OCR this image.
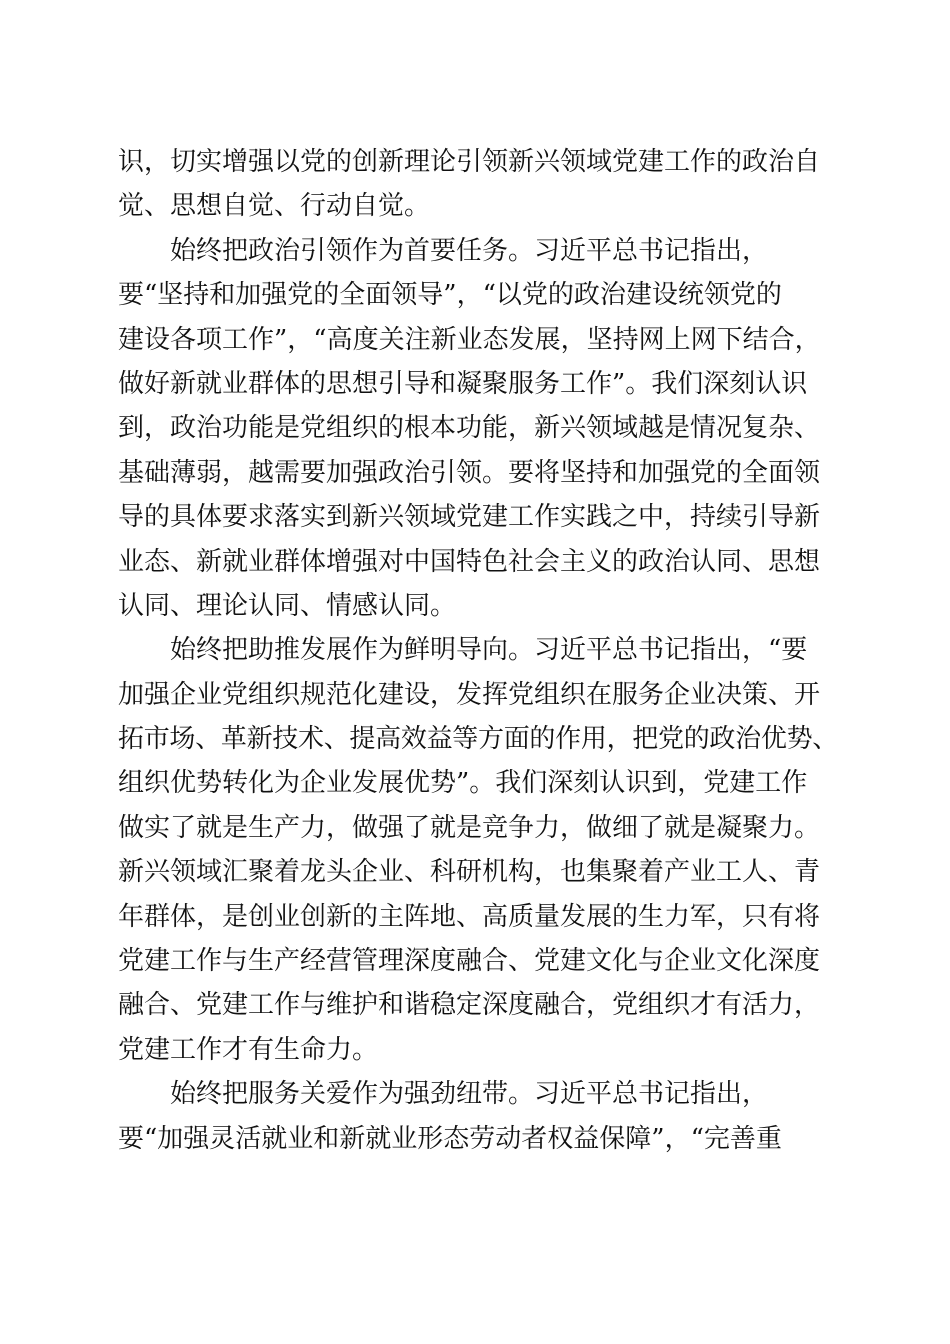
识，切实增强以党的创新理论引领新兴领域党建工作的政治自
觉、思想自觉、行动自觉。
始终把政治引领作为首要任务。习近平总书记指出，
要“坚持和加强党的全面领导”，“以党的政治建设统领党的
建设各项工作”，“高度关注新业态发展，坚持网上网下结合，
做好新就业群体的思想引导和凝聚服务工作”。我们深刻认识
到，政治功能是党组织的根本功能，新兴领域越是情况复杂、
基础薄弱，越需要加强政治引领。要将坚持和加强党的全面领
导的具体要求落实到新兴领域党建工作实践之中，持续引导新
业态、新就业群体增强对中国特色社会主义的政治认同、思想
认同、理论认同、情感认同。
始终把助推发展作为鲜明导向。习近平总书记指出，“要
加强企业党组织规范化建设，发挥党组织在服务企业决策、开
拓市场、革新技术、提高效益等方面的作用，把党的政治优势、
组织优势转化为企业发展优势”。我们深刻认识到，党建工作
做实了就是生产力，做强了就是竞争力，做细了就是凝聚力。
新兴领域汇聚着龙头企业、科研机构，也集聚着产业工人、青
年群体，是创业创新的主阵地、高质量发展的生力军，只有将
党建工作与生产经营管理深度融合、党建文化与企业文化深度
融合、党建工作与维护和谐稳定深度融合，党组织才有活力，
党建工作才有生命力。
始终把服务关爱作为强劲纽带。习近平总书记指出，
要“加强灵活就业和新就业形态劳动者权益保障”，“完善重
